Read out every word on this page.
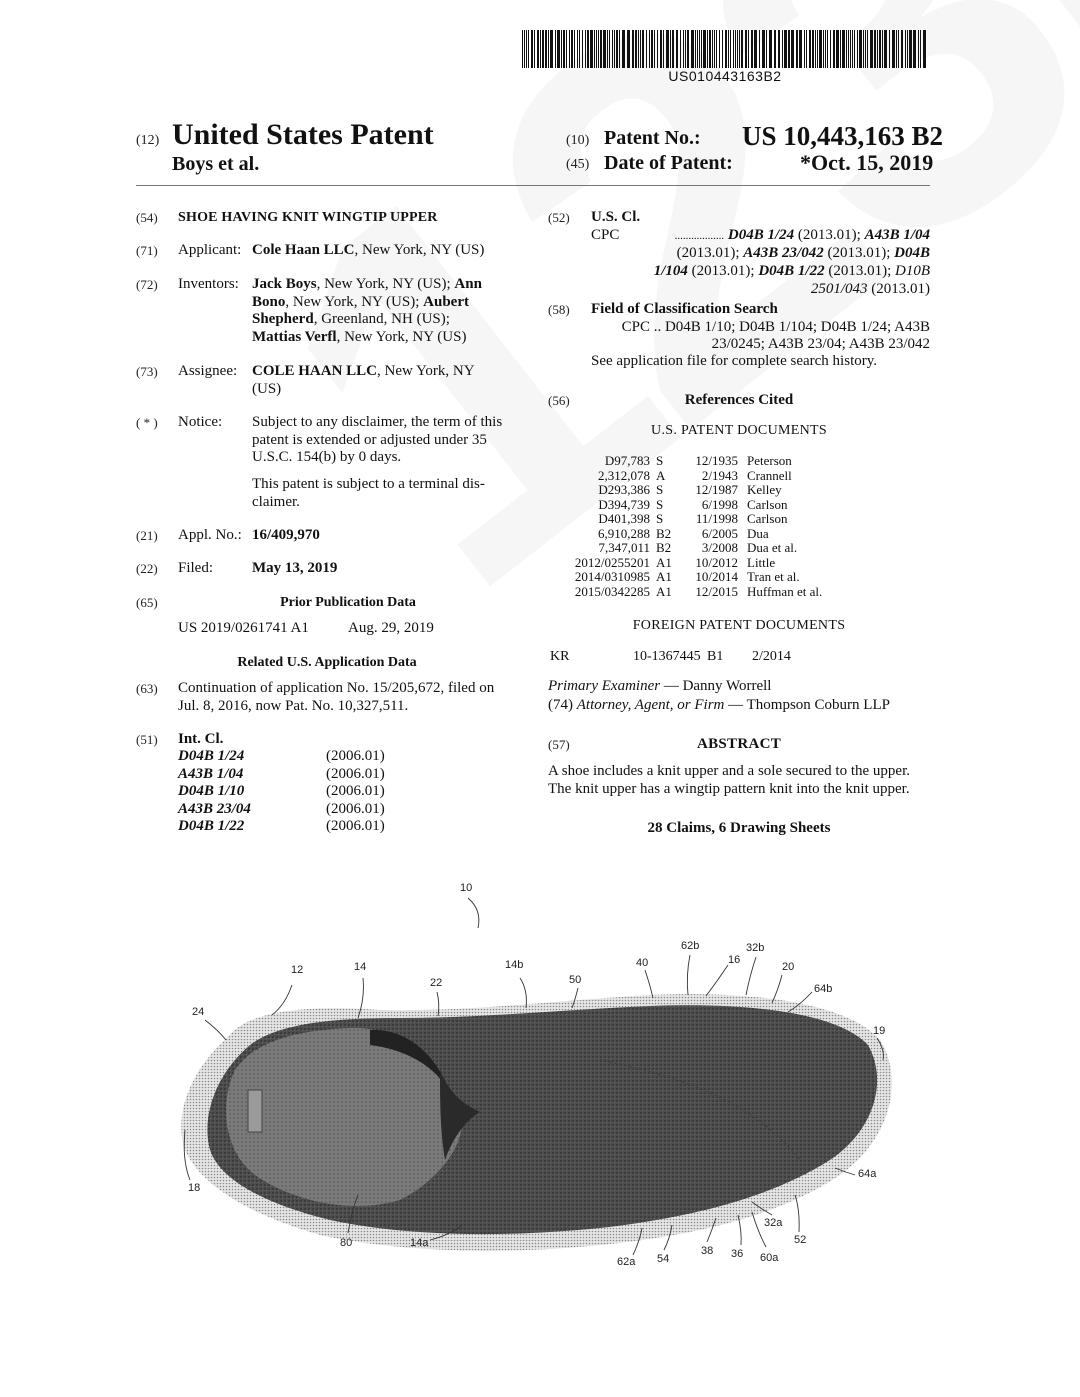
US010443163B2
(12) United States Patent
Boys et al.
(10) Patent No.: US 10,443,163 B2
(45) Date of Patent:	*Oct. 15, 2019
(54) SHOE HAVING KNIT WINGTIP UPPER
(71) Applicant: Cole Haan LLC, New York, NY (US)
(72) Inventors: Jack Boys, New York, NY (US); Ann
Bono, New York, NY (US); Aubert
Shepherd, Greenland, NH (US);
Mattias Verfl, New York, NY (US)
(73) Assignee: COLE HAAN LLC, New York, NY
(US)
( * ) Notice: Subject to any disclaimer, the term of this
patent is extended or adjusted under 35
U.S.C. 154(b) by 0 days.
This patent is subject to a terminal dis-
claimer.
(21) Appl. No.: 16/409,970
(22) Filed:	May 13, 2019
(65)	Prior Publication Data
US 2019/0261741 A1	Aug. 29, 2019
Related U.S. Application Data
(63) Continuation of application No. 15/205,672, filed on
Jul. 8, 2016, now Pat. No. 10,327,511.
(51) Int. Cl.
D04B 1/24	(2006.01)
A43B 1/04	(2006.01)
D04B 1/10	(2006.01)
A43B 23/04	(2006.01)
D04B 1/22	(2006.01)
(52) U.S. Cl.
CPC	.................. D04B 1/24 (2013.01); A43B 1/04
(2013.01); A43B 23/042 (2013.01); D04B
1/104 (2013.01); D04B 1/22 (2013.01); D10B
2501/043 (2013.01)
(58) Field of Classification Search
CPC .. D04B 1/10; D04B 1/104; D04B 1/24; A43B
23/0245; A43B 23/04; A43B 23/042
See application file for complete search history.
(56)	References Cited
U.S. PATENT DOCUMENTS
D97,783 S	12/1935 Peterson
2,312,078 A	2/1943 Crannell
D293,386 S	12/1987 Kelley
D394,739 S	6/1998 Carlson
D401,398 S	11/1998 Carlson
6,910,288 B2	6/2005 Dua
7,347,011 B2	3/2008 Dua et al.
2012/0255201 A1	10/2012 Little
2014/0310985 A1	10/2014 Tran et al.
2015/0342285 A1	12/2015 Huffman et al.
FOREIGN PATENT DOCUMENTS
KR	10-1367445 B1 2/2014
Primary Examiner — Danny Worrell
(74) Attorney, Agent, or Firm — Thompson Coburn LLP
(57)	ABSTRACT
A shoe includes a knit upper and a sole secured to the upper.
The knit upper has a wingtip pattern knit into the knit upper.
28 Claims, 6 Drawing Sheets
10
12	14	14b
22
24
50
40
62b
16
32b
20
64b
19
18
80	14a
62a 54
38 36 60a
52
32a
64a
